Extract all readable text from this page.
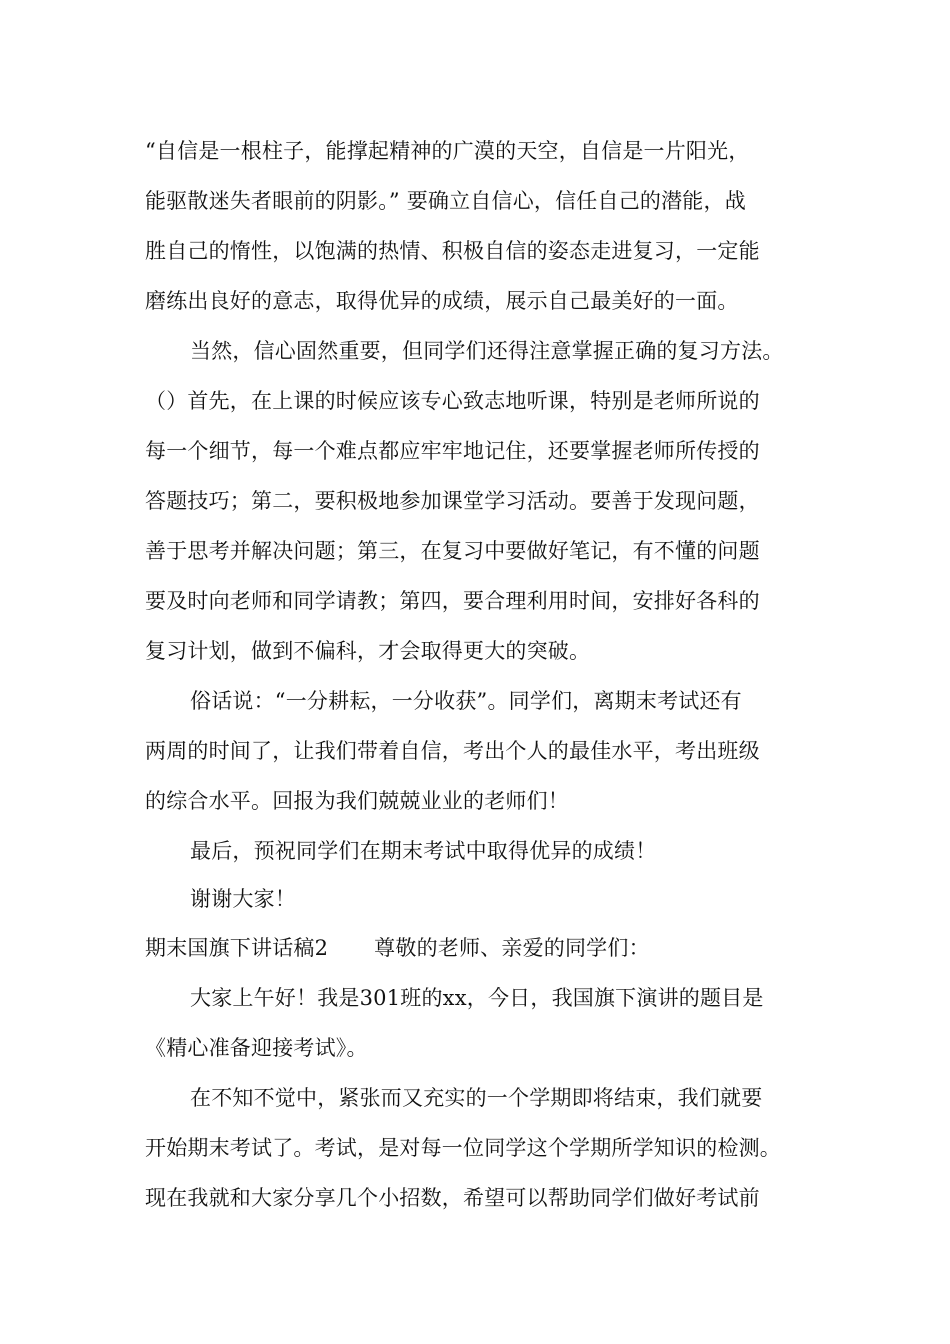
“自信是一根柱子，能撑起精神的广漠的天空，自信是一片阳光，
能驱散迷失者眼前的阴影。” 要确立自信心，信任自己的潜能，战
胜自己的惰性，以饱满的热情、积极自信的姿态走进复习，一定能
磨练出良好的意志，取得优异的成绩，展示自己最美好的一面。
当然，信心固然重要，但同学们还得注意掌握正确的复习方法。
（）首先，在上课的时候应该专心致志地听课，特别是老师所说的
每一个细节，每一个难点都应牢牢地记住，还要掌握老师所传授的
答题技巧；第二，要积极地参加课堂学习活动。要善于发现问题，
善于思考并解决问题；第三，在复习中要做好笔记，有不懂的问题
要及时向老师和同学请教；第四，要合理利用时间，安排好各科的
复习计划，做到不偏科，才会取得更大的突破。
俗话说：“一分耕耘，一分收获”。同学们，离期末考试还有
两周的时间了，让我们带着自信，考出个人的最佳水平，考出班级
的综合水平。回报为我们兢兢业业的老师们！
最后，预祝同学们在期末考试中取得优异的成绩！
谢谢大家！
期末国旗下讲话稿2 尊敬的老师、亲爱的同学们：
大家上午好！我是301班的xx，今日，我国旗下演讲的题目是
《精心准备迎接考试》。
在不知不觉中，紧张而又充实的一个学期即将结束，我们就要
开始期末考试了。考试，是对每一位同学这个学期所学知识的检测。
现在我就和大家分享几个小招数，希望可以帮助同学们做好考试前
